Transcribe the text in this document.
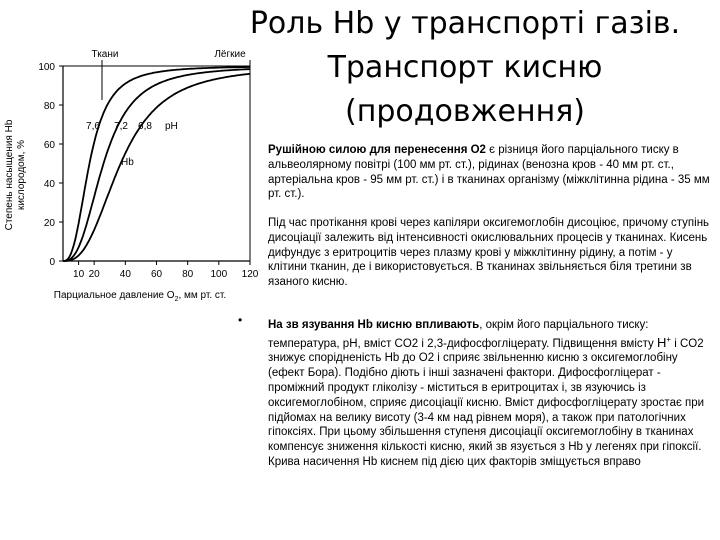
Роль Hb у транспорті газів.
Транспорт кисню
(продовження)
Степень насыщения Hb кислородом, %
Ткани	Лёгкие
Hb
pH
Парциальное давление $O_2$, мм рт. ст.
100
80
60
40
20
0
10 20 40 60 80 100 120
7,6 7,2 6,8
Рушійною силою для перенесення О2 є різниця його парціального тиску в альвеолярному повітрі (100 мм рт. ст.), рідинах (венозна кров - 40 мм рт. ст., артеріальна кров - 95 мм рт. ст.) і в тканинах організму (міжклітинна рідина - 35 мм рт. ст.).
Під час протікання крові через капіляри оксигемоглобін дисоціює, причому ступінь дисоціації залежить від інтенсивності окислювальних процесів у тканинах. Кисень дифундує з еритроцитів через плазму крові у міжклітинну рідину, а потім - у клітини тканин, де і використовується. В тканинах звільняється біля третини зв язаного кисню.
• На зв язування Hb кисню впливають, окрім його парціального тиску: температура, pH, вміст CO2 і 2,3-дифосфогліцерату. Підвищення вмісту H+ і CO2 знижує спорідненість Hb до O2 і сприяє звільненню кисню з оксигемоглобіну (ефект Бора). Подібно діють і інші зазначені фактори. Дифосфогліцерат - проміжний продукт гліколізу - міститься в еритроцитах і, зв язуючись із оксигемоглобіном, сприяє дисоціації кисню. Вміст дифосфогліцерату зростає при підйомах на велику висоту (3-4 км над рівнем моря), а також при патологічних гіпоксіях. При цьому збільшення ступеня дисоціації оксигемоглобіну в тканинах компенсує зниження кількості кисню, який зв язується з Hb у легенях при гіпоксії. Крива насичення Hb киснем під дією цих факторів зміщується вправо
